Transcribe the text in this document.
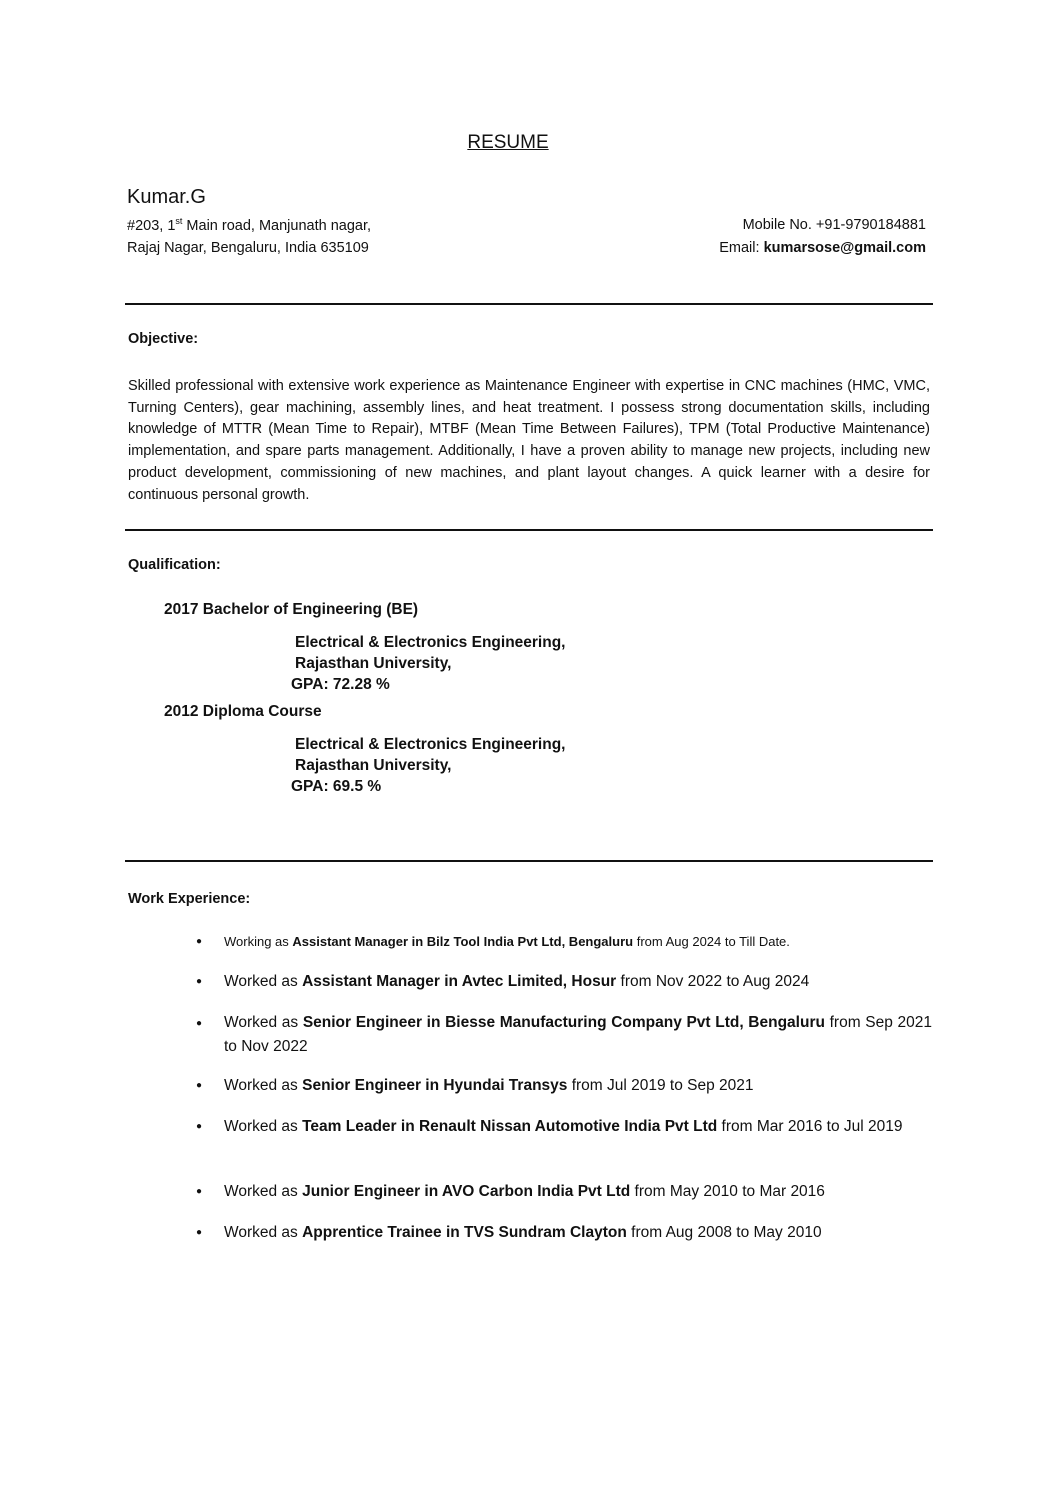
RESUME
Kumar.G
#203, 1st Main road, Manjunath nagar,
Rajaj Nagar, Bengaluru, India 635109
Mobile No. +91-9790184881
Email: kumarsose@gmail.com
Objective:
Skilled professional with extensive work experience as Maintenance Engineer with expertise in CNC machines (HMC, VMC, Turning Centers), gear machining, assembly lines, and heat treatment. I possess strong documentation skills, including knowledge of MTTR (Mean Time to Repair), MTBF (Mean Time Between Failures), TPM (Total Productive Maintenance) implementation, and spare parts management. Additionally, I have a proven ability to manage new projects, including new product development, commissioning of new machines, and plant layout changes. A quick learner with a desire for continuous personal growth.
Qualification:
2017 Bachelor of Engineering (BE)
Electrical & Electronics Engineering,
Rajasthan University,
GPA: 72.28 %
2012 Diploma Course
Electrical & Electronics Engineering,
Rajasthan University,
GPA: 69.5 %
Work Experience:
● Working as Assistant Manager in Bilz Tool India Pvt Ltd, Bengaluru from Aug 2024 to Till Date.
● Worked as Assistant Manager in Avtec Limited, Hosur from Nov 2022 to Aug 2024
● Worked as Senior Engineer in Biesse Manufacturing Company Pvt Ltd, Bengaluru from Sep 2021 to Nov 2022
● Worked as Senior Engineer in Hyundai Transys from Jul 2019 to Sep 2021
● Worked as Team Leader in Renault Nissan Automotive India Pvt Ltd from Mar 2016 to Jul 2019
● Worked as Junior Engineer in AVO Carbon India Pvt Ltd from May 2010 to Mar 2016
● Worked as Apprentice Trainee in TVS Sundram Clayton from Aug 2008 to May 2010
